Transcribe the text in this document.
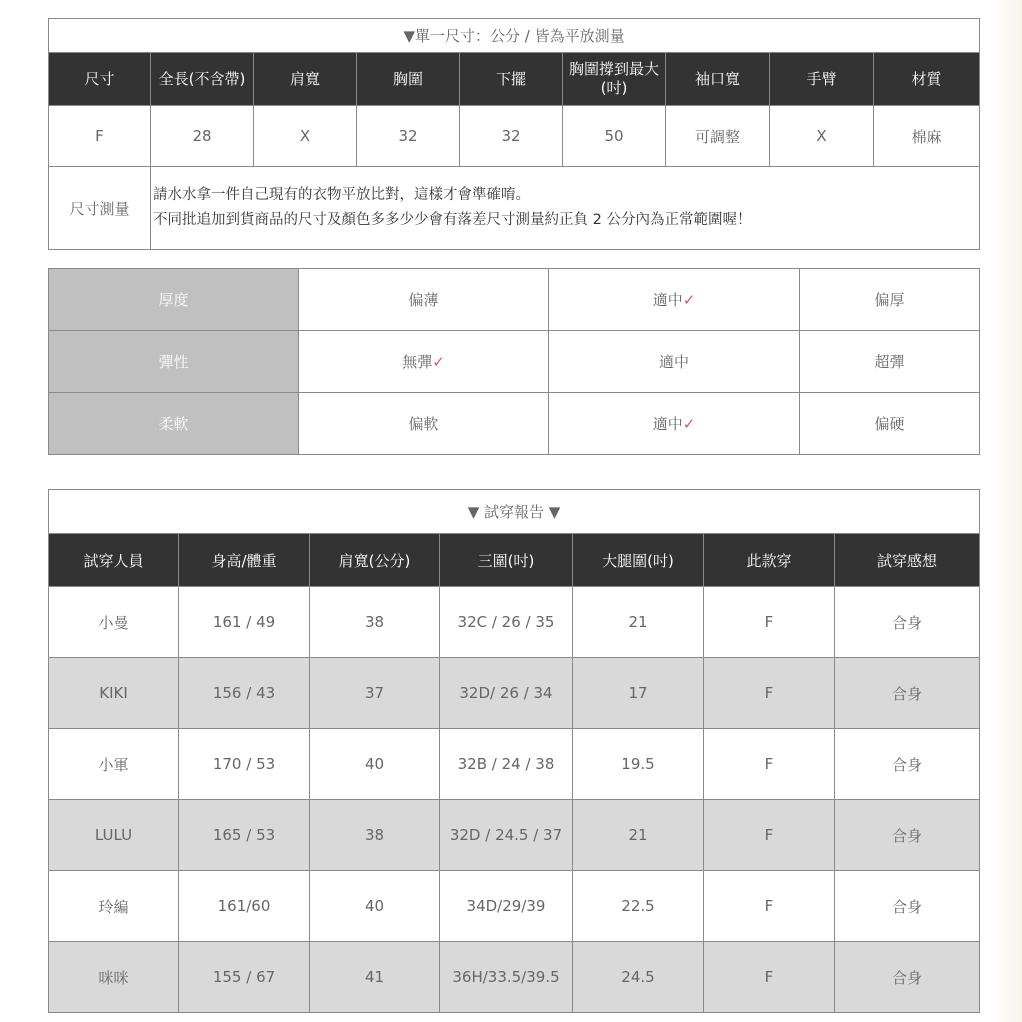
▼單一尺寸：公分 / 皆為平放測量								
尺寸	全長(不含帶)	肩寬	胸圍	下擺	胸圍撐到最大(吋)	袖口寬	手臂	材質
F	28	X	32	32	50	可調整	X	棉麻
尺寸測量	請水水拿一件自己現有的衣物平放比對，這樣才會準確唷。
不同批追加到貨商品的尺寸及顏色多多少少會有落差尺寸測量約正負 2 公分內為正常範圍喔！							
厚度	偏薄	適中✓	偏厚
彈性	無彈✓	適中	超彈
柔軟	偏軟	適中✓	偏硬
▼ 試穿報告 ▼						
試穿人員	身高/體重	肩寬(公分)	三圍(吋)	大腿圍(吋)	此款穿	試穿感想
小曼	161 / 49	38	32C / 26 / 35	21	F	合身
KIKI	156 / 43	37	32D/ 26 / 34	17	F	合身
小軍	170 / 53	40	32B / 24 / 38	19.5	F	合身
LULU	165 / 53	38	32D / 24.5 / 37	21	F	合身
玲編	161/60	40	34D/29/39	22.5	F	合身
咪咪	155 / 67	41	36H/33.5/39.5	24.5	F	合身
